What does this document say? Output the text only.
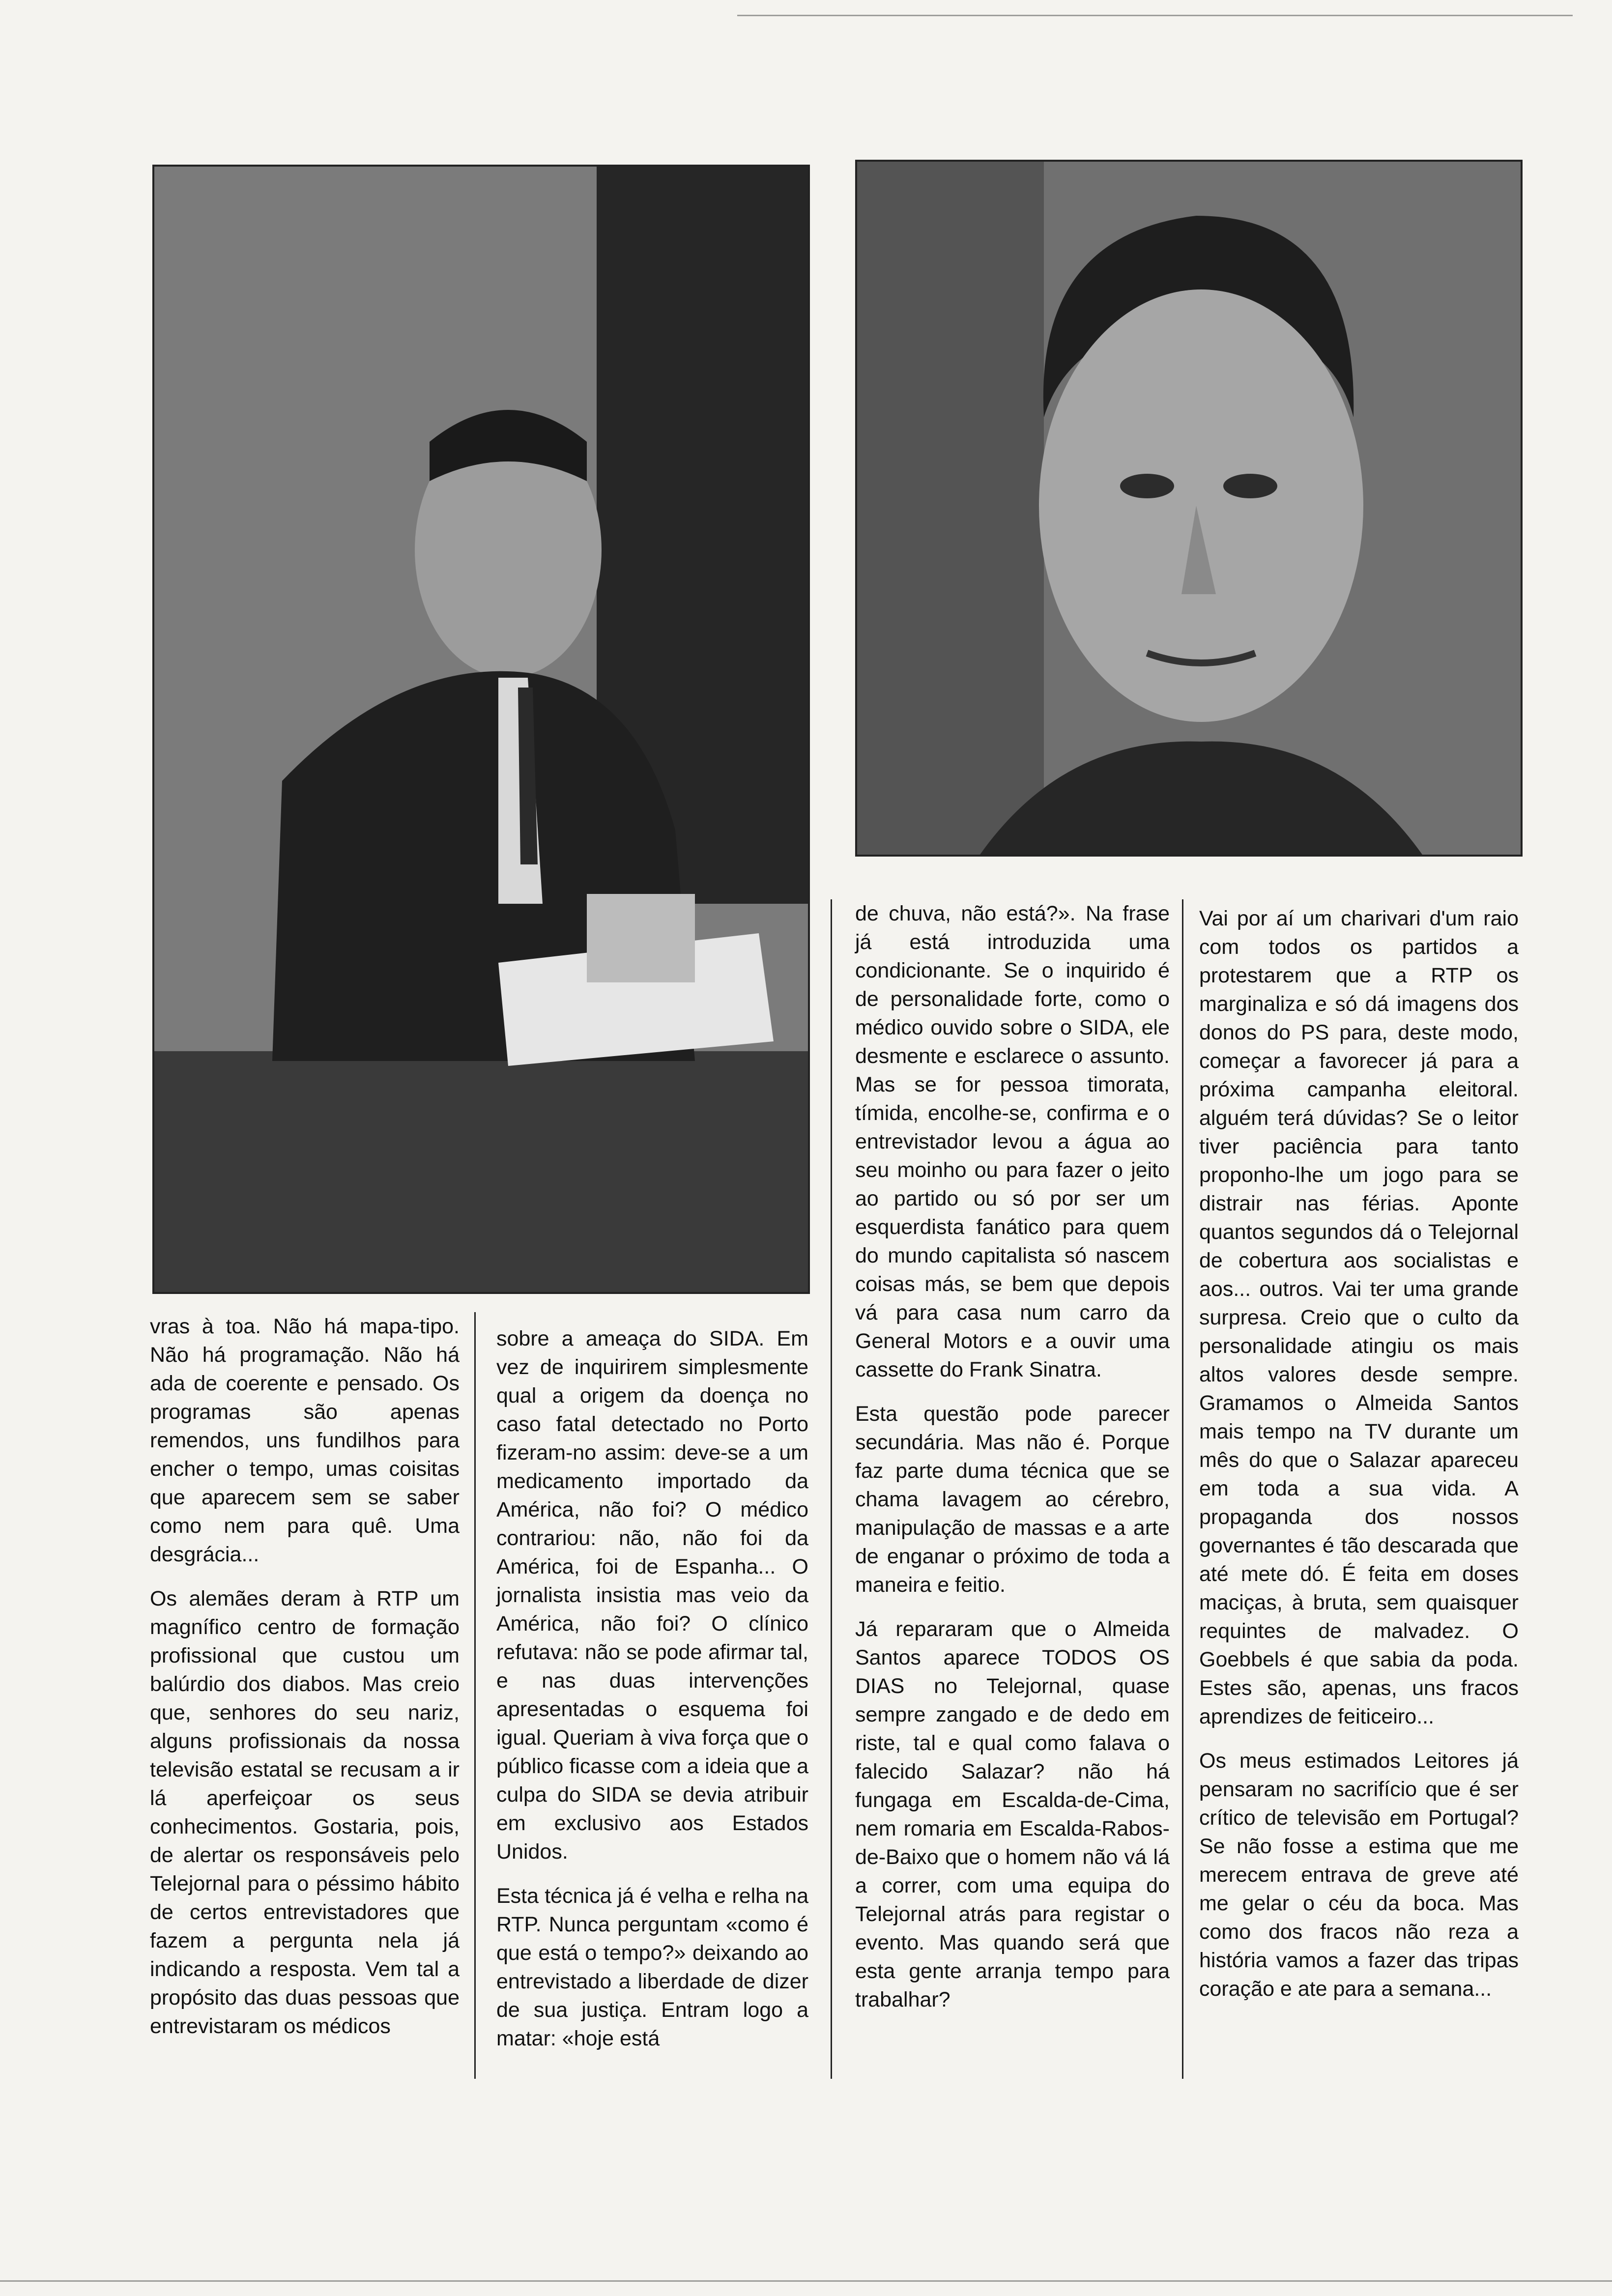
vras à toa. Não há mapa-tipo. Não há programação. Não há ada de coerente e pensado. Os programas são apenas remendos, uns fundilhos para encher o tempo, umas coisitas que aparecem sem se saber como nem para quê. Uma desgrácia...

Os alemães deram à RTP um magnífico centro de formação profissional que custou um balúrdio dos diabos. Mas creio que, senhores do seu nariz, alguns profissionais da nossa televisão estatal se recusam a ir lá aperfeiçoar os seus conhecimentos. Gostaria, pois, de alertar os responsáveis pelo Telejornal para o péssimo hábito de certos entrevistadores que fazem a pergunta nela já indicando a resposta. Vem tal a propósito das duas pessoas que entrevistaram os médicos

sobre a ameaça do SIDA. Em vez de inquirirem simplesmente qual a origem da doença no caso fatal detectado no Porto fizeram-no assim: deve-se a um medicamento importado da América, não foi? O médico contrariou: não, não foi da América, foi de Espanha... O jornalista insistia mas veio da América, não foi? O clínico refutava: não se pode afirmar tal, e nas duas intervenções apresentadas o esquema foi igual. Queriam à viva força que o público ficasse com a ideia que a culpa do SIDA se devia atribuir em exclusivo aos Estados Unidos.

Esta técnica já é velha e relha na RTP. Nunca perguntam «como é que está o tempo?» deixando ao entrevistado a liberdade de dizer de sua justiça. Entram logo a matar: «hoje está

de chuva, não está?». Na frase já está introduzida uma condicionante. Se o inquirido é de personalidade forte, como o médico ouvido sobre o SIDA, ele desmente e esclarece o assunto. Mas se for pessoa timorata, tímida, encolhe-se, confirma e o entrevistador levou a água ao seu moinho ou para fazer o jeito ao partido ou só por ser um esquerdista fanático para quem do mundo capitalista só nascem coisas más, se bem que depois vá para casa num carro da General Motors e a ouvir uma cassette do Frank Sinatra.

Esta questão pode parecer secundária. Mas não é. Porque faz parte duma técnica que se chama lavagem ao cérebro, manipulação de massas e a arte de enganar o próximo de toda a maneira e feitio.

Já repararam que o Almeida Santos aparece TODOS OS DIAS no Telejornal, quase sempre zangado e de dedo em riste, tal e qual como falava o falecido Salazar? não há fungaga em Escalda-de-Cima, nem romaria em Escalda-Rabos-de-Baixo que o homem não vá lá a correr, com uma equipa do Telejornal atrás para registar o evento. Mas quando será que esta gente arranja tempo para trabalhar?

Vai por aí um charivari d'um raio com todos os partidos a protestarem que a RTP os marginaliza e só dá imagens dos donos do PS para, deste modo, começar a favorecer já para a próxima campanha eleitoral. alguém terá dúvidas? Se o leitor tiver paciência para tanto proponho-lhe um jogo para se distrair nas férias. Aponte quantos segundos dá o Telejornal de cobertura aos socialistas e aos... outros. Vai ter uma grande surpresa. Creio que o culto da personalidade atingiu os mais altos valores desde sempre. Gramamos o Almeida Santos mais tempo na TV durante um mês do que o Salazar apareceu em toda a sua vida. A propaganda dos nossos governantes é tão descarada que até mete dó. É feita em doses maciças, à bruta, sem quaisquer requintes de malvadez. O Goebbels é que sabia da poda. Estes são, apenas, uns fracos aprendizes de feiticeiro...

Os meus estimados Leitores já pensaram no sacrifício que é ser crítico de televisão em Portugal? Se não fosse a estima que me merecem entrava de greve até me gelar o céu da boca. Mas como dos fracos não reza a história vamos a fazer das tripas coração e ate para a semana...
